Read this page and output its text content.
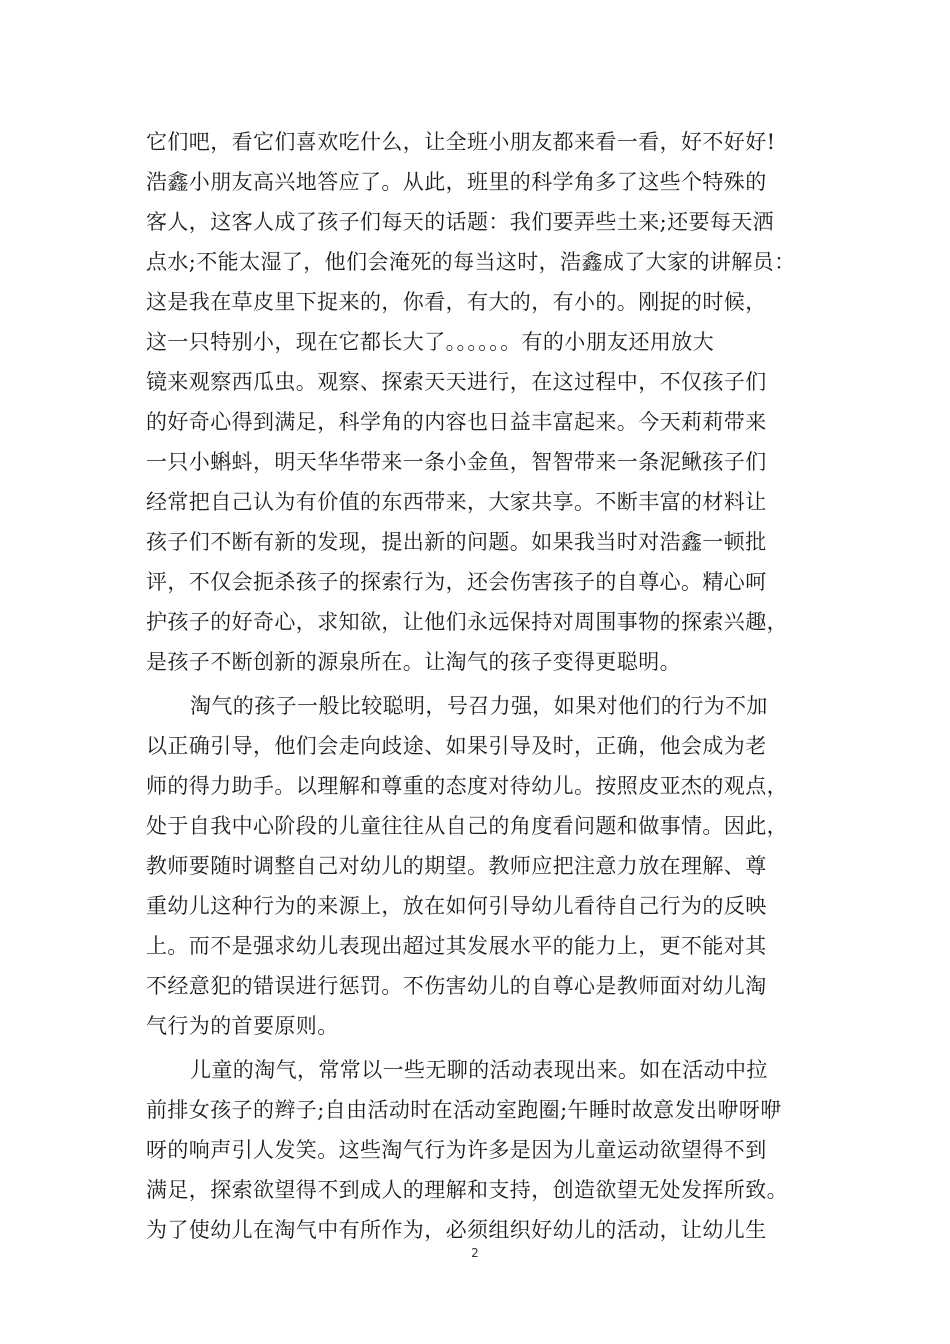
它们吧，看它们喜欢吃什么，让全班小朋友都来看一看，好不好好!
浩鑫小朋友高兴地答应了。从此，班里的科学角多了这些个特殊的
客人，这客人成了孩子们每天的话题：我们要弄些土来;还要每天洒
点水;不能太湿了，他们会淹死的每当这时，浩鑫成了大家的讲解员：
这是我在草皮里下捉来的，你看，有大的，有小的。刚捉的时候，
这一只特别小，现在它都长大了。。。。。。有的小朋友还用放大
镜来观察西瓜虫。观察、探索天天进行，在这过程中，不仅孩子们
的好奇心得到满足，科学角的内容也日益丰富起来。今天莉莉带来
一只小蝌蚪，明天华华带来一条小金鱼，智智带来一条泥鳅孩子们
经常把自己认为有价值的东西带来，大家共享。不断丰富的材料让
孩子们不断有新的发现，提出新的问题。如果我当时对浩鑫一顿批
评，不仅会扼杀孩子的探索行为，还会伤害孩子的自尊心。精心呵
护孩子的好奇心，求知欲，让他们永远保持对周围事物的探索兴趣，
是孩子不断创新的源泉所在。让淘气的孩子变得更聪明。
淘气的孩子一般比较聪明，号召力强，如果对他们的行为不加
以正确引导，他们会走向歧途、如果引导及时，正确，他会成为老
师的得力助手。以理解和尊重的态度对待幼儿。按照皮亚杰的观点，
处于自我中心阶段的儿童往往从自己的角度看问题和做事情。因此，
教师要随时调整自己对幼儿的期望。教师应把注意力放在理解、尊
重幼儿这种行为的来源上，放在如何引导幼儿看待自己行为的反映
上。而不是强求幼儿表现出超过其发展水平的能力上，更不能对其
不经意犯的错误进行惩罚。不伤害幼儿的自尊心是教师面对幼儿淘
气行为的首要原则。
儿童的淘气，常常以一些无聊的活动表现出来。如在活动中拉
前排女孩子的辫子;自由活动时在活动室跑圈;午睡时故意发出咿呀咿
呀的响声引人发笑。这些淘气行为许多是因为儿童运动欲望得不到
满足，探索欲望得不到成人的理解和支持，创造欲望无处发挥所致。
为了使幼儿在淘气中有所作为，必须组织好幼儿的活动，让幼儿生
2
